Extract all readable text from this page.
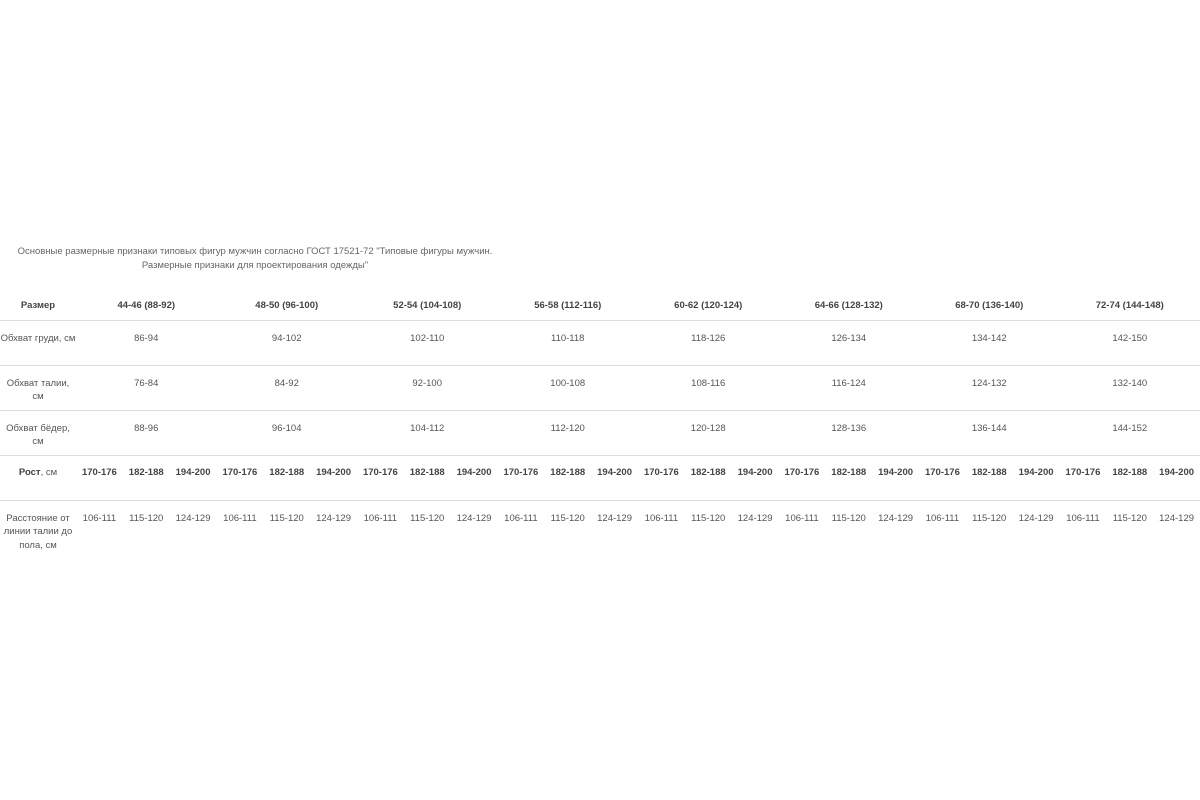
Основные размерные признаки типовых фигур мужчин согласно ГОСТ 17521-72 "Типовые фигуры мужчин. Размерные признаки для проектирования одежды"
Размер	44-46 (88-92)			48-50 (96-100)			52-54 (104-108)			56-58 (112-116)			60-62 (120-124)			64-66 (128-132)			68-70 (136-140)			72-74 (144-148)		
Обхват груди, см	86-94			94-102			102-110			110-118			118-126			126-134			134-142			142-150		
Обхват талии, см	76-84			84-92			92-100			100-108			108-116			116-124			124-132			132-140		
Обхват бёдер, см	88-96			96-104			104-112			112-120			120-128			128-136			136-144			144-152		
Рост, см	170-176	182-188	194-200	170-176	182-188	194-200	170-176	182-188	194-200	170-176	182-188	194-200	170-176	182-188	194-200	170-176	182-188	194-200	170-176	182-188	194-200	170-176	182-188	194-200
Расстояние от линии талии до пола, см	106-111	115-120	124-129	106-111	115-120	124-129	106-111	115-120	124-129	106-111	115-120	124-129	106-111	115-120	124-129	106-111	115-120	124-129	106-111	115-120	124-129	106-111	115-120	124-129
